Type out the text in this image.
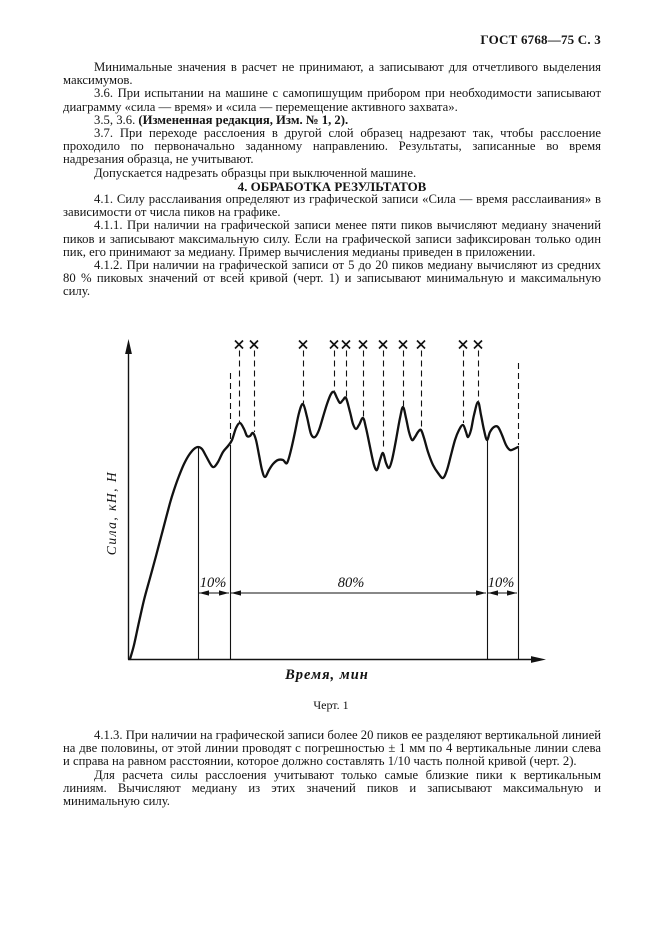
ГОСТ 6768—75 С. 3

Минимальные значения в расчет не принимают, а записывают для отчетливого выделения максимумов.

3.6. При испытании на машине с самопишущим прибором при необходимости записывают диаграмму «сила — время» и «сила — перемещение активного захвата».

3.5, 3.6. (Измененная редакция, Изм. № 1, 2).

3.7. При переходе расслоения в другой слой образец надрезают так, чтобы расслоение проходило по первоначально заданному направлению. Результаты, записанные во время надрезания образца, не учитывают.

Допускается надрезать образцы при выключенной машине.

4. ОБРАБОТКА РЕЗУЛЬТАТОВ

4.1. Силу расслаивания определяют из графической записи «Сила — время расслаивания» в зависимости от числа пиков на графике.

4.1.1. При наличии на графической записи менее пяти пиков вычисляют медиану значений пиков и записывают максимальную силу. Если на графической записи зафиксирован только один пик, его принимают за медиану. Пример вычисления медианы приведен в приложении.

4.1.2. При наличии на графической записи от 5 до 20 пиков медиану вычисляют из средних 80 % пиковых значений от всей кривой (черт. 1) и записывают минимальную и максимальную силу.

10%	80%	10%
Сила, кН, Н
Время, мин
Черт. 1

4.1.3. При наличии на графической записи более 20 пиков ее разделяют вертикальной линией на две половины, от этой линии проводят с погрешностью ± 1 мм по 4 вертикальные линии слева и справа на равном расстоянии, которое должно составлять 1/10 часть полной кривой (черт. 2).

Для расчета силы расслоения учитывают только самые близкие пики к вертикальным линиям. Вычисляют медиану из этих значений пиков и записывают максимальную и минимальную силу.
